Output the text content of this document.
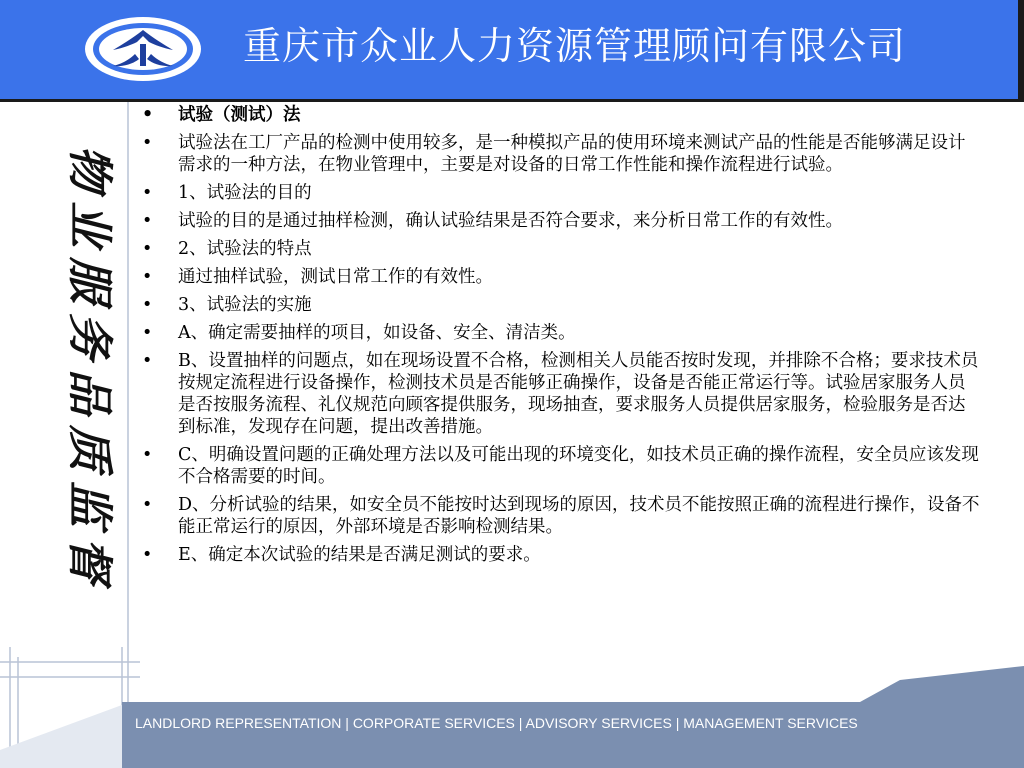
重庆市众业人力资源管理顾问有限公司
物
业
服
务
品
质
监
督
• 试验（测试）法
• 试验法在工厂产品的检测中使用较多，是一种模拟产品的使用环境来测试产品的性能是否能够满足设计需求的一种方法，在物业管理中，主要是对设备的日常工作性能和操作流程进行试验。
• 1、试验法的目的
• 试验的目的是通过抽样检测，确认试验结果是否符合要求，来分析日常工作的有效性。
• 2、试验法的特点
• 通过抽样试验，测试日常工作的有效性。
• 3、试验法的实施
• A、确定需要抽样的项目，如设备、安全、清洁类。
• B、设置抽样的问题点，如在现场设置不合格，检测相关人员能否按时发现，并排除不合格；要求技术员按规定流程进行设备操作，检测技术员是否能够正确操作，设备是否能正常运行等。试验居家服务人员是否按服务流程、礼仪规范向顾客提供服务，现场抽查，要求服务人员提供居家服务，检验服务是否达到标准，发现存在问题，提出改善措施。
• C、明确设置问题的正确处理方法以及可能出现的环境变化，如技术员正确的操作流程，安全员应该发现不合格需要的时间。
• D、分析试验的结果，如安全员不能按时达到现场的原因，技术员不能按照正确的流程进行操作，设备不能正常运行的原因，外部环境是否影响检测结果。
• E、确定本次试验的结果是否满足测试的要求。
LANDLORD REPRESENTATION | CORPORATE SERVICES | ADVISORY SERVICES | MANAGEMENT SERVICES
